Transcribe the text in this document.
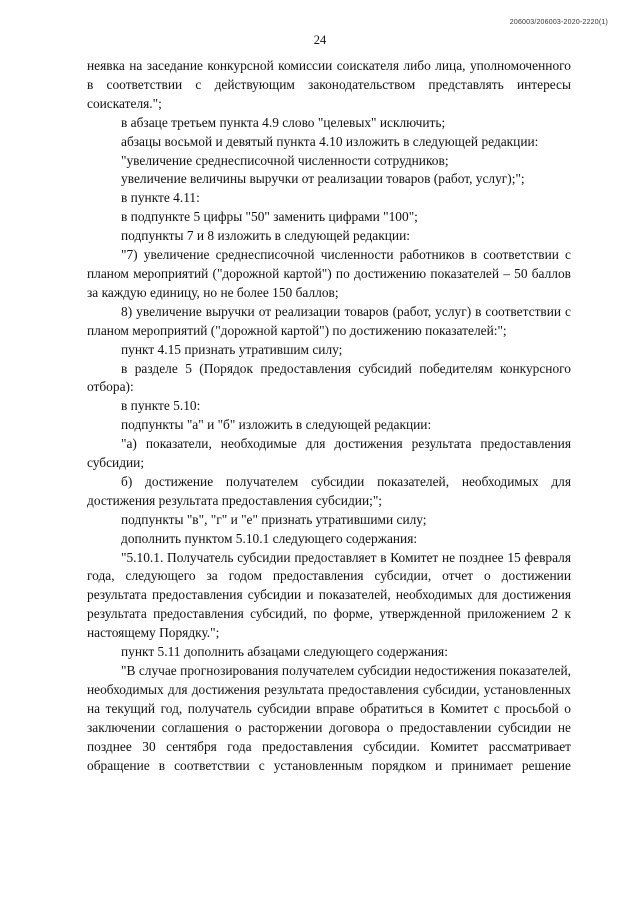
206003/206003-2020-2220(1)
24

неявка на заседание конкурсной комиссии соискателя либо лица, уполномоченного в соответствии с действующим законодательством представлять интересы соискателя.";

в абзаце третьем пункта 4.9 слово "целевых" исключить;

абзацы восьмой и девятый пункта 4.10 изложить в следующей редакции:

"увеличение среднесписочной численности сотрудников;

увеличение величины выручки от реализации товаров (работ, услуг);";

в пункте 4.11:

в подпункте 5 цифры "50" заменить цифрами "100";

подпункты 7 и 8 изложить в следующей редакции:

"7) увеличение среднесписочной численности работников в соответствии с планом мероприятий ("дорожной картой") по достижению показателей – 50 баллов за каждую единицу, но не более 150 баллов;

8) увеличение выручки от реализации товаров (работ, услуг) в соответствии с планом мероприятий ("дорожной картой") по достижению показателей:";

пункт 4.15 признать утратившим силу;

в разделе 5 (Порядок предоставления субсидий победителям конкурсного отбора):

в пункте 5.10:

подпункты "а" и "б" изложить в следующей редакции:

"а) показатели, необходимые для достижения результата предоставления субсидии;

б) достижение получателем субсидии показателей, необходимых для достижения результата предоставления субсидии;";

подпункты "в", "г" и "е" признать утратившими силу;

дополнить пунктом 5.10.1 следующего содержания:

"5.10.1. Получатель субсидии предоставляет в Комитет не позднее 15 февраля года, следующего за годом предоставления субсидии, отчет о достижении результата предоставления субсидии и показателей, необходимых для достижения результата предоставления субсидий, по форме, утвержденной приложением 2 к настоящему Порядку.";

пункт 5.11 дополнить абзацами следующего содержания:

"В случае прогнозирования получателем субсидии недостижения показателей, необходимых для достижения результата предоставления субсидии, установленных на текущий год, получатель субсидии вправе обратиться в Комитет с просьбой о заключении соглашения о расторжении договора о предоставлении субсидии не позднее 30 сентября года предоставления субсидии. Комитет рассматривает обращение в соответствии с установленным порядком и принимает решение
